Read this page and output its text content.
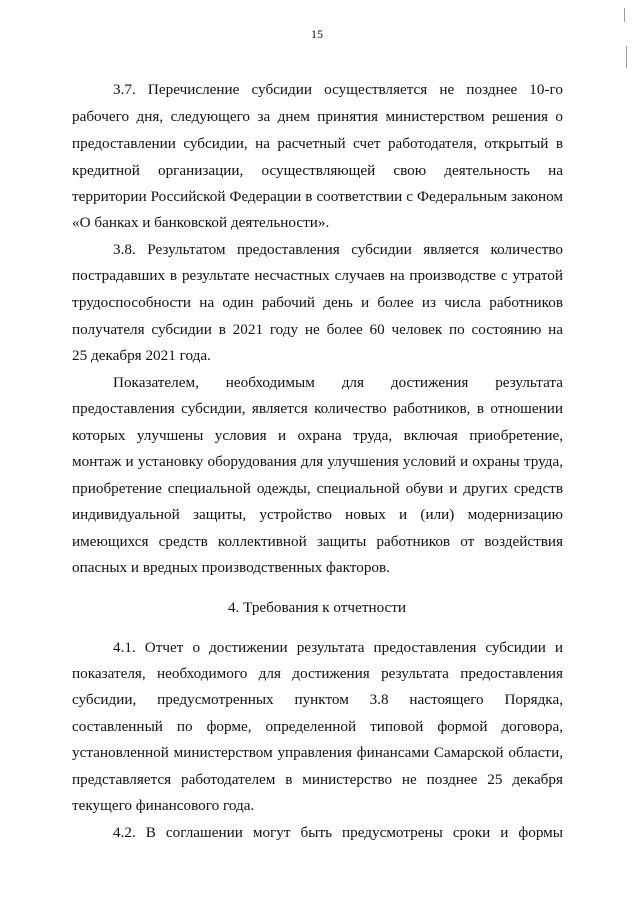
15
3.7. Перечисление субсидии осуществляется не позднее 10-го
рабочего дня, следующего за днем принятия министерством решения о
предоставлении субсидии, на расчетный счет работодателя, открытый в
кредитной организации, осуществляющей свою деятельность на
территории Российской Федерации в соответствии с Федеральным законом
«О банках и банковской деятельности».
3.8. Результатом предоставления субсидии является количество
пострадавших в результате несчастных случаев на производстве с утратой
трудоспособности на один рабочий день и более из числа работников
получателя субсидии в 2021 году не более 60 человек по состоянию на
25 декабря 2021 года.
Показателем, необходимым для достижения результата
предоставления субсидии, является количество работников, в отношении
которых улучшены условия и охрана труда, включая приобретение,
монтаж и установку оборудования для улучшения условий и охраны труда,
приобретение специальной одежды, специальной обуви и других средств
индивидуальной защиты, устройство новых и (или) модернизацию
имеющихся средств коллективной защиты работников от воздействия
опасных и вредных производственных факторов.
4. Требования к отчетности
4.1. Отчет о достижении результата предоставления субсидии и
показателя, необходимого для достижения результата предоставления
субсидии, предусмотренных пунктом 3.8 настоящего Порядка,
составленный по форме, определенной типовой формой договора,
установленной министерством управления финансами Самарской области,
представляется работодателем в министерство не позднее 25 декабря
текущего финансового года.
4.2. В соглашении могут быть предусмотрены сроки и формы
